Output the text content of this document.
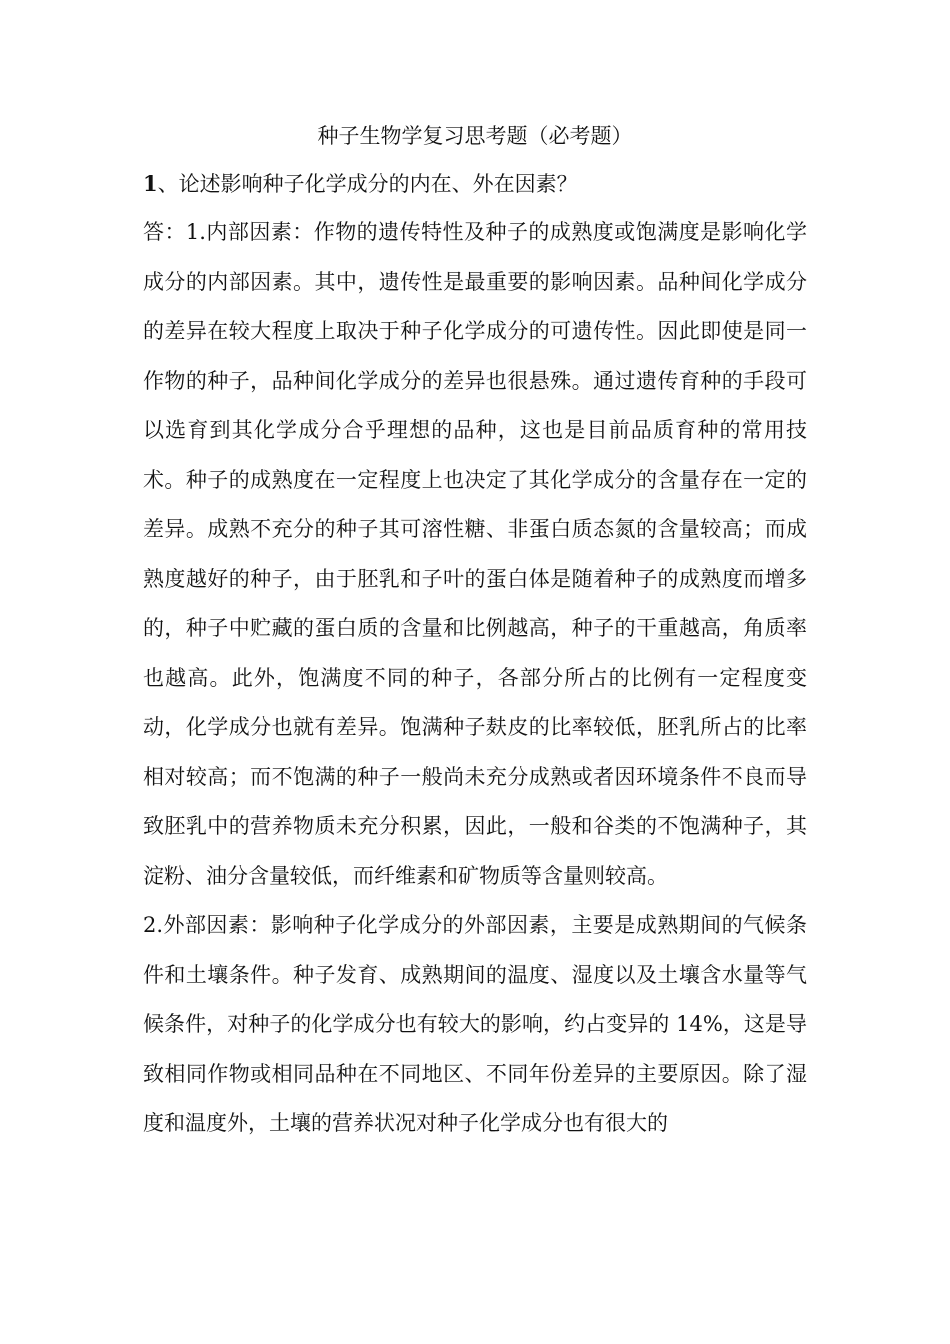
种子生物学复习思考题（必考题）

1、论述影响种子化学成分的内在、外在因素？

答：1.内部因素：作物的遗传特性及种子的成熟度或饱满度是影响化学成分的内部因素。其中，遗传性是最重要的影响因素。品种间化学成分的差异在较大程度上取决于种子化学成分的可遗传性。因此即使是同一作物的种子，品种间化学成分的差异也很悬殊。通过遗传育种的手段可以选育到其化学成分合乎理想的品种，这也是目前品质育种的常用技术。种子的成熟度在一定程度上也决定了其化学成分的含量存在一定的差异。成熟不充分的种子其可溶性糖、非蛋白质态氮的含量较高；而成熟度越好的种子，由于胚乳和子叶的蛋白体是随着种子的成熟度而增多的，种子中贮藏的蛋白质的含量和比例越高，种子的干重越高，角质率也越高。此外，饱满度不同的种子，各部分所占的比例有一定程度变动，化学成分也就有差异。饱满种子麸皮的比率较低，胚乳所占的比率相对较高；而不饱满的种子一般尚未充分成熟或者因环境条件不良而导致胚乳中的营养物质未充分积累，因此，一般和谷类的不饱满种子，其淀粉、油分含量较低，而纤维素和矿物质等含量则较高。

2.外部因素：影响种子化学成分的外部因素，主要是成熟期间的气候条件和土壤条件。种子发育、成熟期间的温度、湿度以及土壤含水量等气候条件，对种子的化学成分也有较大的影响，约占变异的 14%，这是导致相同作物或相同品种在不同地区、不同年份差异的主要原因。除了湿度和温度外，土壤的营养状况对种子化学成分也有很大的
